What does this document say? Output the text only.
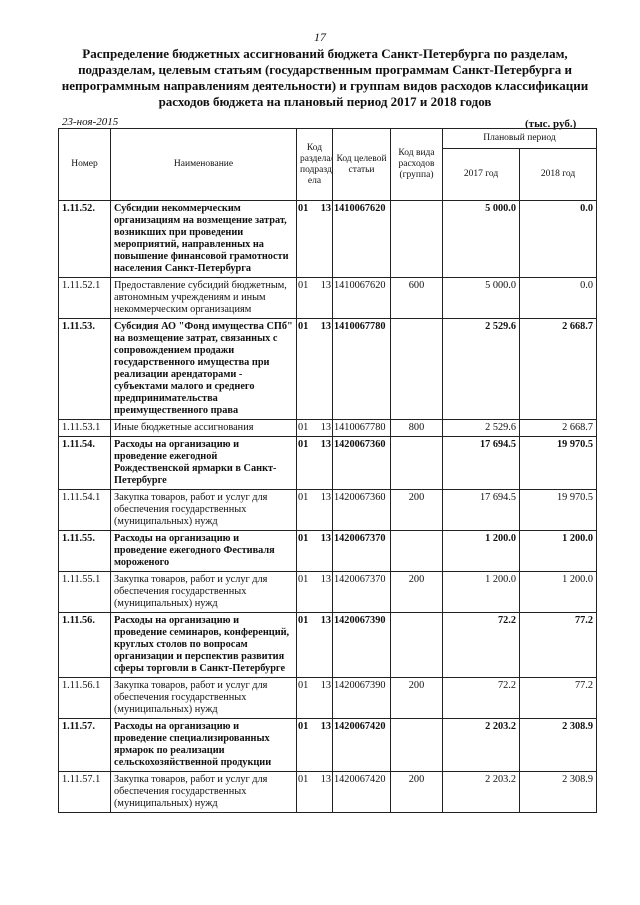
17
Распределение бюджетных ассигнований бюджета Санкт-Петербурга по разделам, подразделам, целевым статьям (государственным программам Санкт-Петербурга и непрограммным направлениям деятельности) и группам видов расходов классификации расходов бюджета на плановый период 2017 и 2018 годов
23-ноя-2015	(тыс. руб.)
Номер	Наименование	Код раздела/ подразд ела	Код целевой статьи	Код вида расходов (группа)	Плановый период	
					2017 год	2018 год
1.11.52.	Субсидии некоммерческим организациям на возмещение затрат, возникших при проведении мероприятий, направленных на повышение финансовой грамотности населения Санкт-Петербурга	01 13	1410067620		5 000.0	0.0
1.11.52.1	Предоставление субсидий бюджетным, автономным учреждениям и иным некоммерческим организациям	01 13	1410067620	600	5 000.0	0.0
1.11.53.	Субсидия АО "Фонд имущества СПб" на возмещение затрат, связанных с сопровождением продажи государственного имущества при реализации арендаторами - субъектами малого и среднего предпринимательства преимущественного права	01 13	1410067780		2 529.6	2 668.7
1.11.53.1	Иные бюджетные ассигнования	01 13	1410067780	800	2 529.6	2 668.7
1.11.54.	Расходы на организацию и проведение ежегодной Рождественской ярмарки в Санкт-Петербурге	01 13	1420067360		17 694.5	19 970.5
1.11.54.1	Закупка товаров, работ и услуг для обеспечения государственных (муниципальных) нужд	01 13	1420067360	200	17 694.5	19 970.5
1.11.55.	Расходы на организацию и проведение ежегодного Фестиваля мороженого	01 13	1420067370		1 200.0	1 200.0
1.11.55.1	Закупка товаров, работ и услуг для обеспечения государственных (муниципальных) нужд	01 13	1420067370	200	1 200.0	1 200.0
1.11.56.	Расходы на организацию и проведение семинаров, конференций, круглых столов по вопросам организации и перспектив развития сферы торговли в Санкт-Петербурге	01 13	1420067390		72.2	77.2
1.11.56.1	Закупка товаров, работ и услуг для обеспечения государственных (муниципальных) нужд	01 13	1420067390	200	72.2	77.2
1.11.57.	Расходы на организацию и проведение специализированных ярмарок по реализации сельскохозяйственной продукции	01 13	1420067420		2 203.2	2 308.9
1.11.57.1	Закупка товаров, работ и услуг для обеспечения государственных (муниципальных) нужд	01 13	1420067420	200	2 203.2	2 308.9
